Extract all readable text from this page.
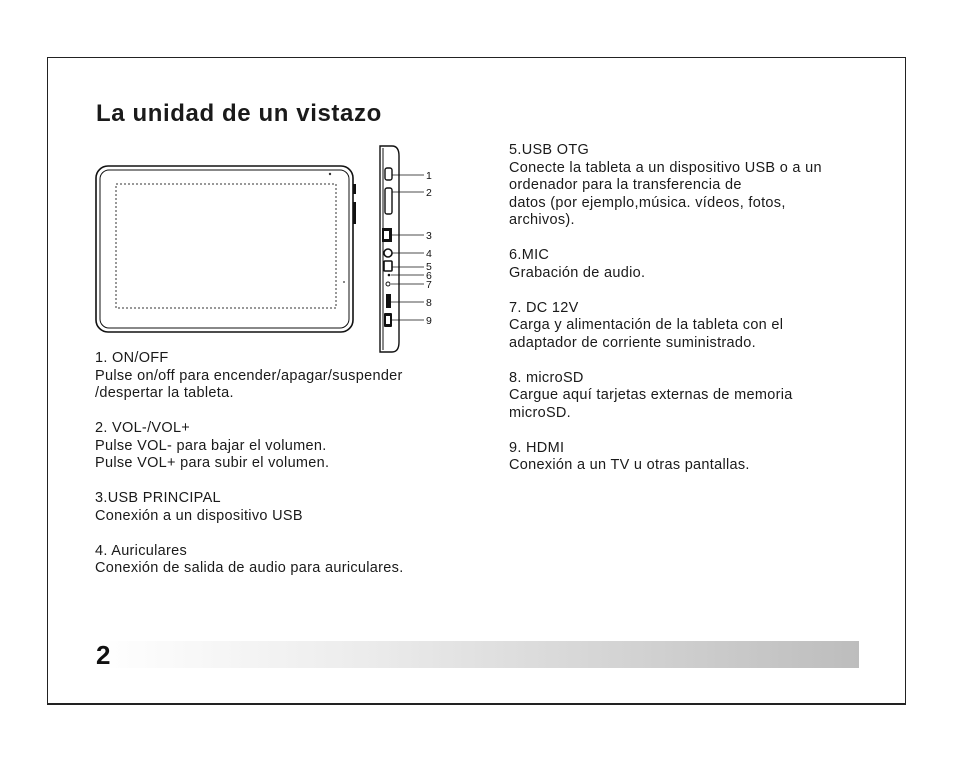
La unidad de un vistazo
1
2
3
4
5
6
7
8
9
1. ON/OFF
Pulse on/off para encender/apagar/suspender
/despertar la tableta.
2. VOL-/VOL+
Pulse VOL- para bajar el volumen.
Pulse VOL+ para subir el volumen.
3.USB PRINCIPAL
Conexión a un dispositivo USB
4. Auriculares
Conexión de salida de audio para auriculares.
5.USB OTG
Conecte la tableta a un dispositivo USB o a un
ordenador para la transferencia de
datos (por ejemplo,música. vídeos, fotos,
archivos).
6.MIC
Grabación de audio.
7. DC 12V
Carga y alimentación de la tableta con el
adaptador de corriente suministrado.
8. microSD
Cargue aquí tarjetas externas de memoria
microSD.
9. HDMI
Conexión a un TV u otras pantallas.
2
